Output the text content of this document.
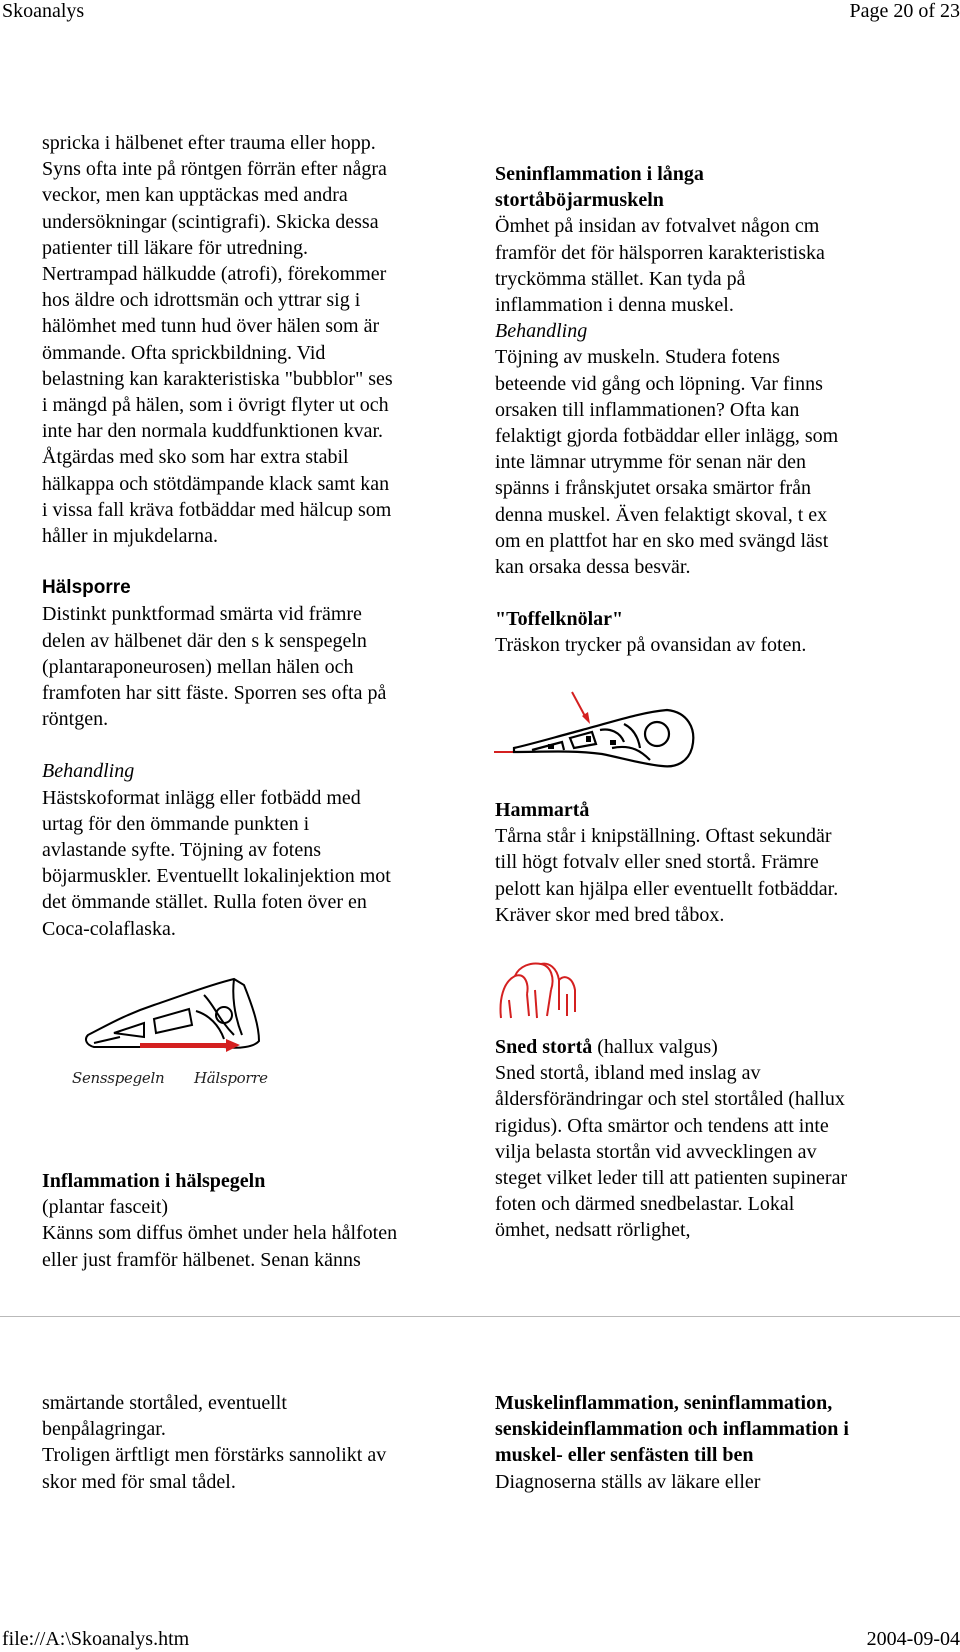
Skoanalys	Page 20 of 23

spricka i hälbenet efter trauma eller hopp.

Syns ofta inte på röntgen förrän efter några

veckor, men kan upptäckas med andra

undersökningar (scintigrafi). Skicka dessa

patienter till läkare för utredning.

Nertrampad hälkudde (atrofi), förekommer

hos äldre och idrottsmän och yttrar sig i

hälömhet med tunn hud över hälen som är

ömmande. Ofta sprickbildning. Vid

belastning kan karakteristiska "bubblor" ses

i mängd på hälen, som i övrigt flyter ut och

inte har den normala kuddfunktionen kvar.

Åtgärdas med sko som har extra stabil

hälkappa och stötdämpande klack samt kan

i vissa fall kräva fotbäddar med hälcup som

håller in mjukdelarna.

Hälsporre

Distinkt punktformad smärta vid främre

delen av hälbenet där den s k senspegeln

(plantaraponeurosen) mellan hälen och

framfoten har sitt fäste. Sporren ses ofta på

röntgen.

Behandling

Hästskoformat inlägg eller fotbädd med

urtag för den ömmande punkten i

avlastande syfte. Töjning av fotens

böjarmuskler. Eventuellt lokalinjektion mot

det ömmande stället. Rulla foten över en

Coca-colaflaska.

Sensspegeln Hälsporre

Inflammation i hälspegeln

(plantar fasceit)

Känns som diffus ömhet under hela hålfoten

eller just framför hälbenet. Senan känns

Seninflammation i långa

stortåböjarmuskeln

Ömhet på insidan av fotvalvet någon cm

framför det för hälsporren karakteristiska

tryckömma stället. Kan tyda på

inflammation i denna muskel.

Behandling

Töjning av muskeln. Studera fotens

beteende vid gång och löpning. Var finns

orsaken till inflammationen? Ofta kan

felaktigt gjorda fotbäddar eller inlägg, som

inte lämnar utrymme för senan när den

spänns i frånskjutet orsaka smärtor från

denna muskel. Även felaktigt skoval, t ex

om en plattfot har en sko med svängd läst

kan orsaka dessa besvär.

"Toffelknölar"

Träskon trycker på ovansidan av foten.

Hammartå

Tårna står i knipställning. Oftast sekundär

till högt fotvalv eller sned stortå. Främre

pelott kan hjälpa eller eventuellt fotbäddar.

Kräver skor med bred tåbox.

Sned stortå (hallux valgus)

Sned stortå, ibland med inslag av

åldersförändringar och stel stortåled (hallux

rigidus). Ofta smärtor och tendens att inte

vilja belasta stortån vid avvecklingen av

steget vilket leder till att patienten supinerar

foten och därmed snedbelastar. Lokal

ömhet, nedsatt rörlighet,

smärtande stortåled, eventuellt

benpålagringar.

Troligen ärftligt men förstärks sannolikt av

skor med för smal tådel.

Muskelinflammation, seninflammation,

senskideinflammation och inflammation i

muskel- eller senfästen till ben

Diagnoserna ställs av läkare eller

file://A:\Skoanalys.htm	2004-09-04
